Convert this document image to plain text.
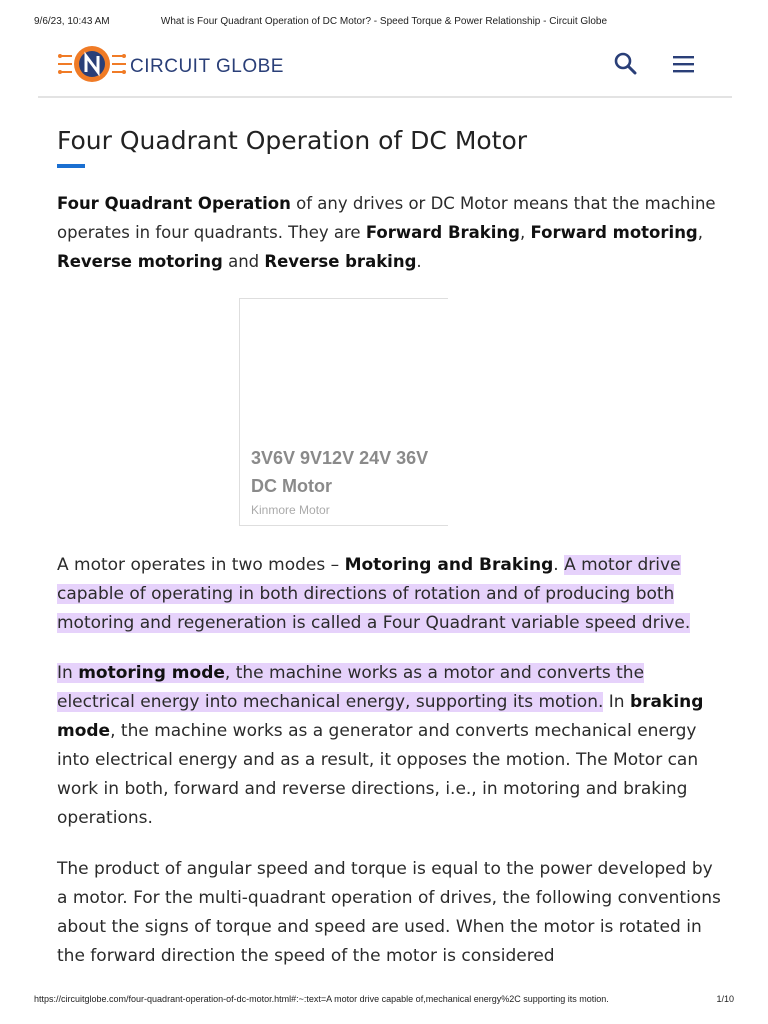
9/6/23, 10:43 AM	What is Four Quadrant Operation of DC Motor? - Speed Torque & Power Relationship - Circuit Globe
CIRCUIT GLOBE
Four Quadrant Operation of DC Motor

Four Quadrant Operation of any drives or DC Motor means that the machine operates in four quadrants. They are Forward Braking, Forward motoring, Reverse motoring and Reverse braking.

3V6V 9V12V 24V 36V
DC Motor
Kinmore Motor

A motor operates in two modes – Motoring and Braking. A motor drive capable of operating in both directions of rotation and of producing both motoring and regeneration is called a Four Quadrant variable speed drive.

In motoring mode, the machine works as a motor and converts the electrical energy into mechanical energy, supporting its motion. In braking mode, the machine works as a generator and converts mechanical energy into electrical energy and as a result, it opposes the motion. The Motor can work in both, forward and reverse directions, i.e., in motoring and braking operations.

The product of angular speed and torque is equal to the power developed by a motor. For the multi-quadrant operation of drives, the following conventions about the signs of torque and speed are used. When the motor is rotated in the forward direction the speed of the motor is considered

https://circuitglobe.com/four-quadrant-operation-of-dc-motor.html#:~:text=A motor drive capable of,mechanical energy%2C supporting its motion.	1/10
